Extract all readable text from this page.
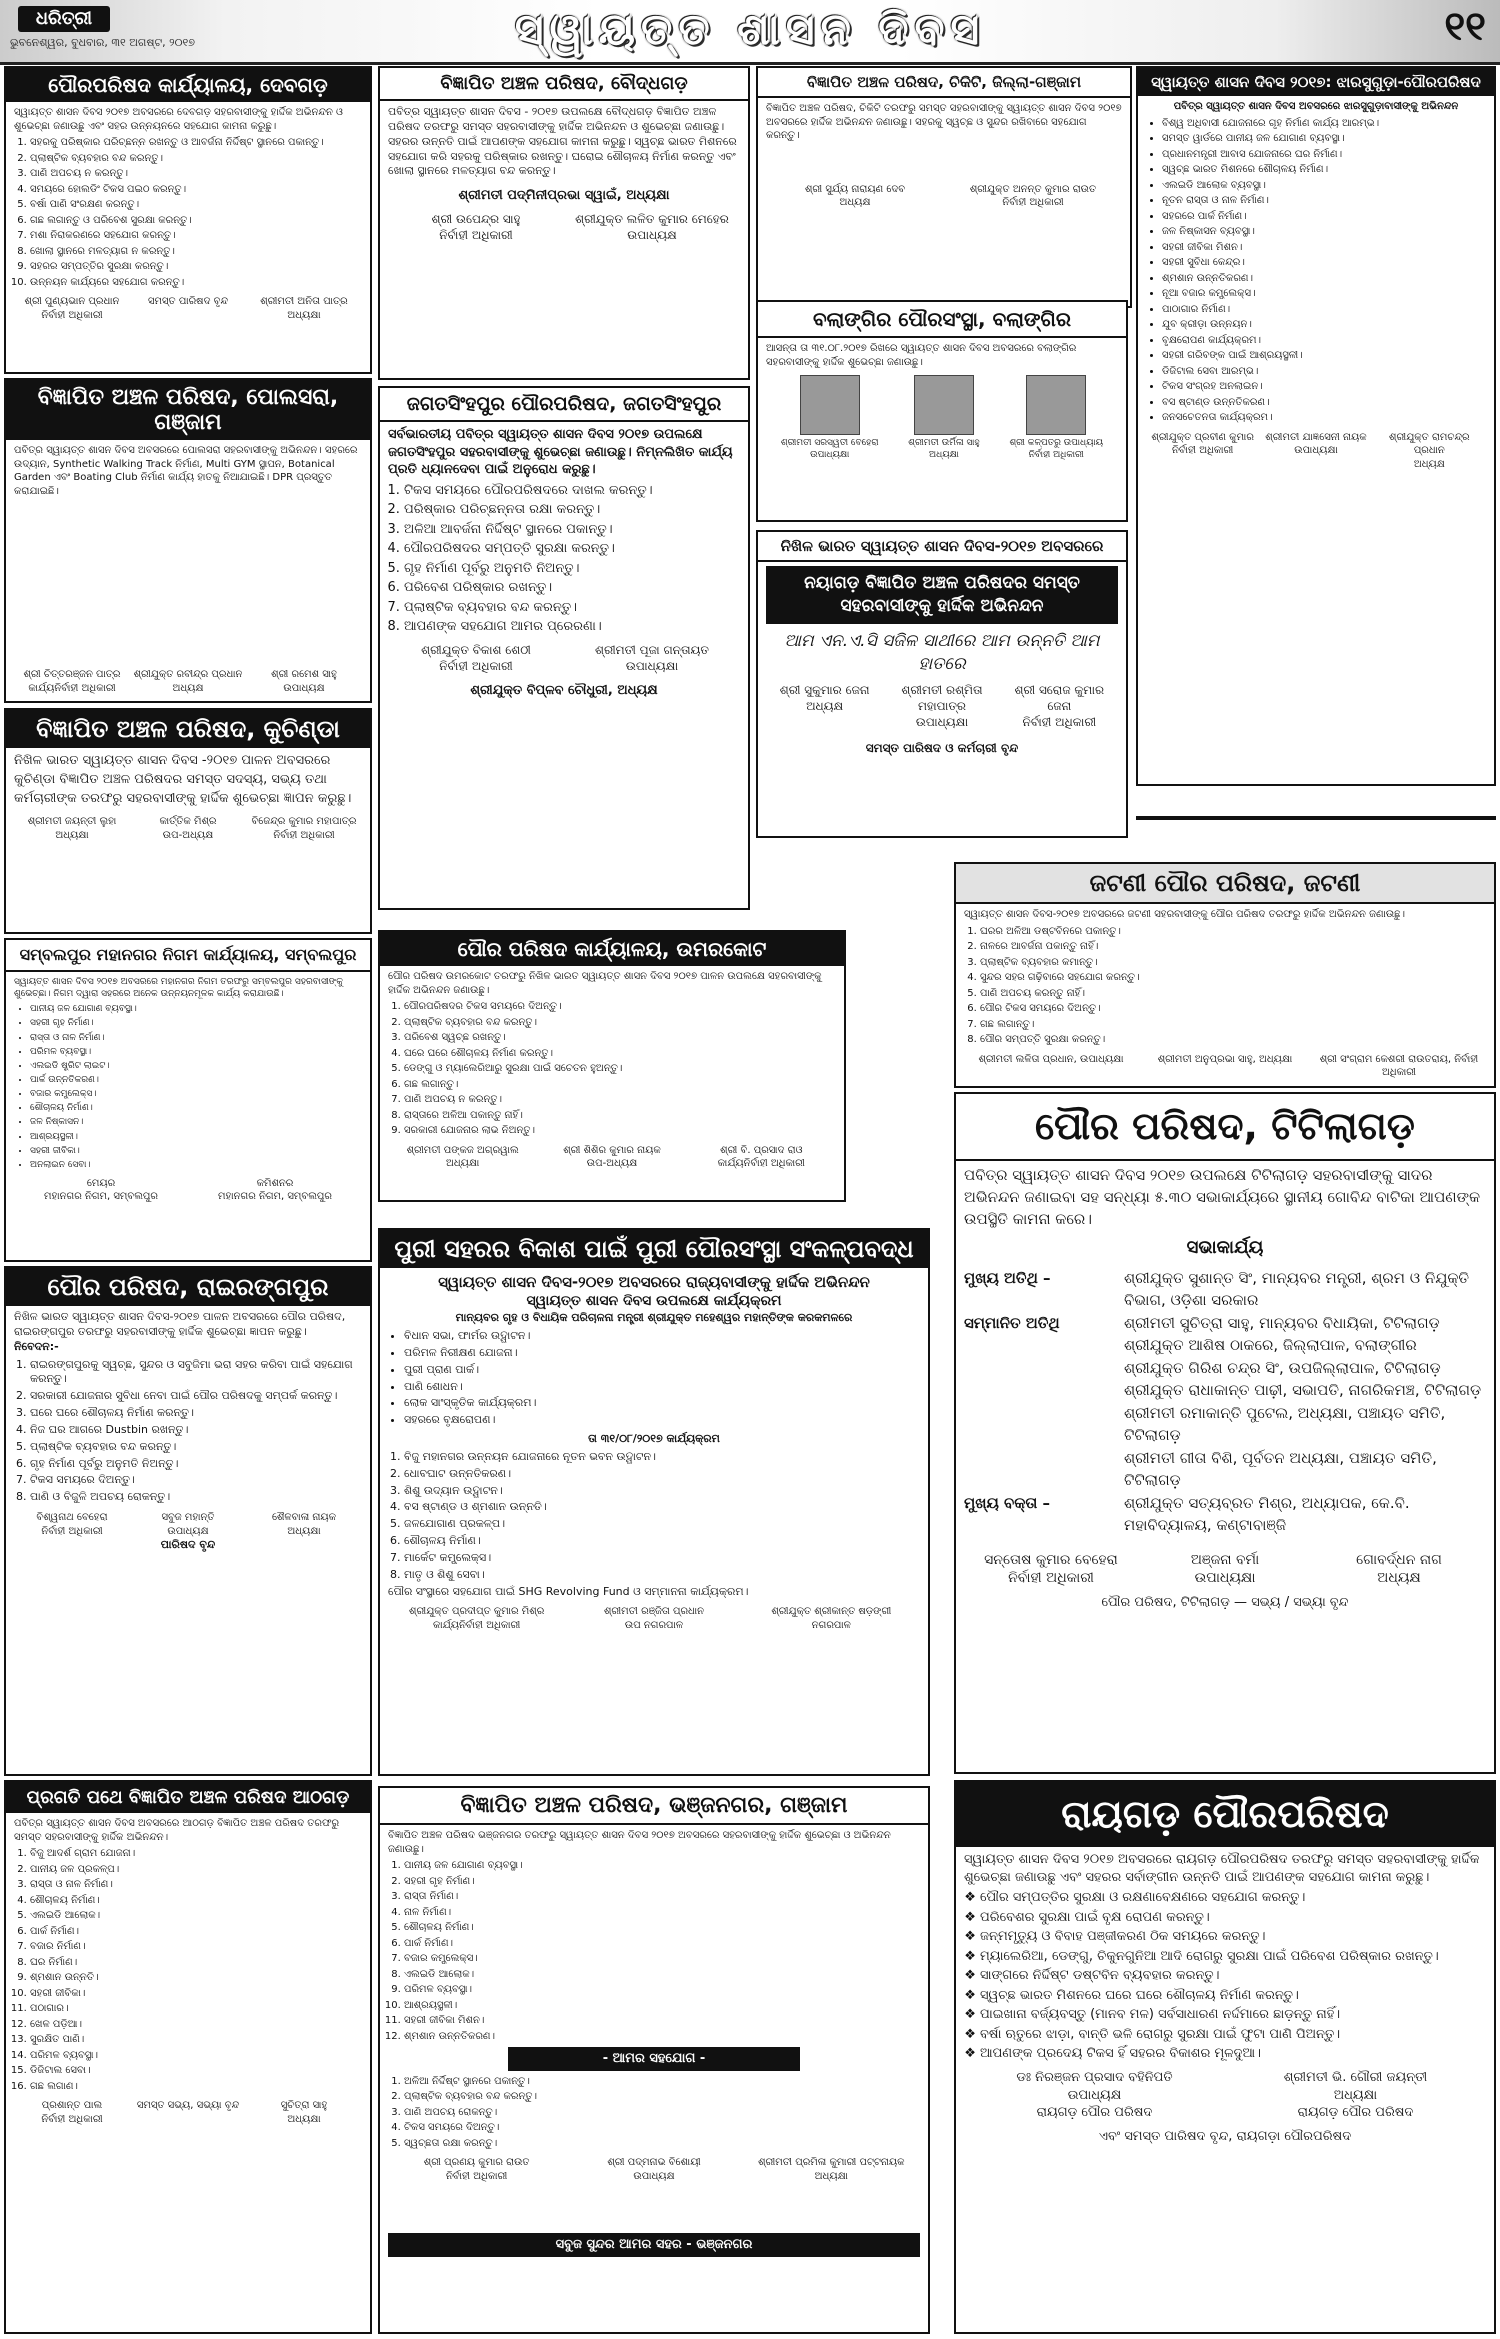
ଧରିତ୍ରୀ
ଭୁବନେଶ୍ୱର, ବୁଧବାର, ୩୧ ଅଗଷ୍ଟ, ୨୦୧୭	ସ୍ୱାୟତ୍ତ ଶାସନ ଦିବସ	୧୧
ପୌରପରିଷଦ କାର୍ଯ୍ୟାଳୟ, ଦେବଗଡ଼
ସ୍ୱାୟତ୍ତ ଶାସନ ଦିବସ ୨୦୧୭ ଅବସରରେ ଦେବଗଡ଼ ସହରବାସୀଙ୍କୁ ହାର୍ଦ୍ଦିକ ଅଭିନନ୍ଦନ ଓ ଶୁଭେଚ୍ଛା ଜଣାଉଛୁ ଏବଂ ସହର ଉନ୍ନୟନରେ ସହଯୋଗ କାମନା କରୁଛୁ।
1. ସହରକୁ ପରିଷ୍କାର ପରିଚ୍ଛନ୍ନ ରଖନ୍ତୁ ଓ ଆବର୍ଜନା ନିର୍ଦ୍ଦିଷ୍ଟ ସ୍ଥାନରେ ପକାନ୍ତୁ।
2. ପ୍ଲାଷ୍ଟିକ ବ୍ୟବହାର ବନ୍ଦ କରନ୍ତୁ।
3. ପାଣି ଅପଚୟ ନ କରନ୍ତୁ।
4. ସମୟରେ ହୋଲଡିଂ ଟିକସ ପଇଠ କରନ୍ତୁ।
5. ବର୍ଷା ପାଣି ସଂରକ୍ଷଣ କରନ୍ତୁ।
6. ଗଛ ଲଗାନ୍ତୁ ଓ ପରିବେଶ ସୁରକ୍ଷା କରନ୍ତୁ।
7. ମଶା ନିରାକରଣରେ ସହଯୋଗ କରନ୍ତୁ।
8. ଖୋଲା ସ୍ଥାନରେ ମଳତ୍ୟାଗ ନ କରନ୍ତୁ।
9. ସହରର ସମ୍ପତ୍ତିର ସୁରକ୍ଷା କରନ୍ତୁ।
10. ଉନ୍ନୟନ କାର୍ଯ୍ୟରେ ସହଯୋଗ କରନ୍ତୁ।
ଶ୍ରୀ ପୁଣ୍ୟଭାନ ପ୍ରଧାନ
ନିର୍ବାହୀ ଅଧିକାରୀ
ସମସ୍ତ ପାରିଷଦ ବୃନ୍ଦ	ଶ୍ରୀମତୀ ଅନିତା ପାତ୍ର
ଅଧ୍ୟକ୍ଷା
ବିଜ୍ଞାପିତ ଅଞ୍ଚଳ ପରିଷଦ, ପୋଲସରା, ଗଞ୍ଜାମ
ପବିତ୍ର ସ୍ୱାୟତ୍ତ ଶାସନ ଦିବସ ଅବସରରେ ପୋଲସରା ସହରବାସୀଙ୍କୁ ଅଭିନନ୍ଦନ। ସହରରେ ଉଦ୍ୟାନ, Synthetic Walking Track ନିର୍ମାଣ, Multi GYM ସ୍ଥାପନ, Botanical Garden ଏବଂ Boating Club ନିର୍ମାଣ କାର୍ଯ୍ୟ ହାତକୁ ନିଆଯାଇଛି। DPR ପ୍ରସ୍ତୁତ କରାଯାଇଛି।
ଶ୍ରୀ ଚିତ୍ତରଞ୍ଜନ ପାତ୍ର
କାର୍ଯ୍ୟନିର୍ବାହୀ ଅଧିକାରୀ
ଶ୍ରୀଯୁକ୍ତ ରବୀନ୍ଦ୍ର ପ୍ରଧାନ
ଅଧ୍ୟକ୍ଷ
ଶ୍ରୀ ରମେଶ ସାହୁ
ଉପାଧ୍ୟକ୍ଷ
ବିଜ୍ଞାପିତ ଅଞ୍ଚଳ ପରିଷଦ, କୁଚିଣ୍ଡା
ନିଖିଳ ଭାରତ ସ୍ୱାୟତ୍ତ ଶାସନ ଦିବସ -୨୦୧୭ ପାଳନ ଅବସରରେ କୁଚିଣ୍ଡା ବିଜ୍ଞାପିତ ଅଞ୍ଚଳ ପରିଷଦର ସମସ୍ତ ସଦସ୍ୟ, ସଭ୍ୟ ତଥା କର୍ମଚାରୀଙ୍କ ତରଫରୁ ସହରବାସୀଙ୍କୁ ହାର୍ଦ୍ଦିକ ଶୁଭେଚ୍ଛା ଜ୍ଞାପନ କରୁଛୁ।
ଶ୍ରୀମତୀ ଜୟନ୍ତୀ ଲୁହା
ଅଧ୍ୟକ୍ଷା
କାର୍ତ୍ତିକ ମିଶ୍ର
ଉପ-ଅଧ୍ୟକ୍ଷ
ବିଜେନ୍ଦ୍ର କୁମାର ମହାପାତ୍ର
ନିର୍ବାହୀ ଅଧିକାରୀ
ସମ୍ବଲପୁର ମହାନଗର ନିଗମ କାର୍ଯ୍ୟାଳୟ, ସମ୍ବଲପୁର
ସ୍ୱାୟତ୍ତ ଶାସନ ଦିବସ ୨୦୧୭ ଅବସରରେ ମହାନଗର ନିଗମ ତରଫରୁ ସମ୍ବଲପୁର ସହରବାସୀଙ୍କୁ ଶୁଭେଚ୍ଛା। ନିଗମ ଦ୍ୱାରା ସହରରେ ଅନେକ ଉନ୍ନୟନମୂଳକ କାର୍ଯ୍ୟ କରାଯାଉଛି।
• ପାନୀୟ ଜଳ ଯୋଗାଣ ବ୍ୟବସ୍ଥା।
• ସହରୀ ଗୃହ ନିର୍ମାଣ।
• ରାସ୍ତା ଓ ନାଳ ନିର୍ମାଣ।
• ପରିମଳ ବ୍ୟବସ୍ଥା।
• ଏଲଇଡି ଷ୍ଟ୍ରିଟ ଲାଇଟ।
• ପାର୍କ ଉନ୍ନତିକରଣ।
• ବଜାର କମ୍ପ୍ଲେକ୍ସ।
• ଶୌଚାଳୟ ନିର୍ମାଣ।
• ଜଳ ନିଷ୍କାସନ।
• ଆଶ୍ରୟସ୍ଥଳୀ।
• ସହରୀ ଜୀବିକା।
• ଅନଲାଇନ ସେବା।
ମେୟର
ମହାନଗର ନିଗମ, ସମ୍ବଲପୁର
କମିଶନର
ମହାନଗର ନିଗମ, ସମ୍ବଲପୁର
ପୌର ପରିଷଦ, ରାଇରଙ୍ଗପୁର
ନିଖିଳ ଭାରତ ସ୍ୱାୟତ୍ତ ଶାସନ ଦିବସ-୨୦୧୭ ପାଳନ ଅବସରରେ ପୌର ପରିଷଦ, ରାଇରଙ୍ଗପୁର ତରଫରୁ ସହରବାସୀଙ୍କୁ ହାର୍ଦ୍ଦିକ ଶୁଭେଚ୍ଛା ଜ୍ଞାପନ କରୁଛୁ।
ନିବେଦନ:-
1. ରାଇରଙ୍ଗପୁରକୁ ସ୍ୱଚ୍ଛ, ସୁନ୍ଦର ଓ ସବୁଜିମା ଭରା ସହର କରିବା ପାଇଁ ସହଯୋଗ କରନ୍ତୁ।
2. ସରକାରୀ ଯୋଜନାର ସୁବିଧା ନେବା ପାଇଁ ପୌର ପରିଷଦକୁ ସମ୍ପର୍କ କରନ୍ତୁ।
3. ଘରେ ଘରେ ଶୌଚାଳୟ ନିର୍ମାଣ କରନ୍ତୁ।
4. ନିଜ ଘର ଆଗରେ Dustbin ରଖନ୍ତୁ।
5. ପ୍ଲାଷ୍ଟିକ ବ୍ୟବହାର ବନ୍ଦ କରନ୍ତୁ।
6. ଗୃହ ନିର୍ମାଣ ପୂର୍ବରୁ ଅନୁମତି ନିଅନ୍ତୁ।
7. ଟିକସ ସମୟରେ ଦିଅନ୍ତୁ।
8. ପାଣି ଓ ବିଜୁଳି ଅପଚୟ ରୋକନ୍ତୁ।
ବିଶ୍ୱନାଥ ବେହେରା
ନିର୍ବାହୀ ଅଧିକାରୀ
ସବୁଜ ମହାନ୍ତି
ଉପାଧ୍ୟକ୍ଷ
ଶୈଳବାଳା ନାୟକ
ଅଧ୍ୟକ୍ଷା
ପାରିଷଦ ବୃନ୍ଦ
ପ୍ରଗତି ପଥେ ବିଜ୍ଞାପିତ ଅଞ୍ଚଳ ପରିଷଦ ଆଠଗଡ଼
ପବିତ୍ର ସ୍ୱାୟତ୍ତ ଶାସନ ଦିବସ ଅବସରରେ ଆଠଗଡ଼ ବିଜ୍ଞାପିତ ଅଞ୍ଚଳ ପରିଷଦ ତରଫରୁ ସମସ୍ତ ସହରବାସୀଙ୍କୁ ହାର୍ଦ୍ଦିକ ଅଭିନନ୍ଦନ।
1. ବିଜୁ ଆଦର୍ଶ ଗ୍ରାମ ଯୋଜନା।
2. ପାନୀୟ ଜଳ ପ୍ରକଳ୍ପ।
3. ରାସ୍ତା ଓ ନାଳ ନିର୍ମାଣ।
4. ଶୌଚାଳୟ ନିର୍ମାଣ।
5. ଏଲଇଡି ଆଲୋକ।
6. ପାର୍କ ନିର୍ମାଣ।
7. ବଜାର ନିର୍ମାଣ।
8. ଘର ନିର୍ମାଣ।
9. ଶ୍ମଶାନ ଉନ୍ନତି।
10. ସହରୀ ଜୀବିକା।
11. ପଠାଗାର।
12. ଖେଳ ପଡ଼ିଆ।
13. ସୁରକ୍ଷିତ ପାଣି।
14. ପରିମଳ ବ୍ୟବସ୍ଥା।
15. ଡିଜିଟାଲ ସେବା।
16. ଗଛ ଲଗାଣ।
ପ୍ରଶାନ୍ତ ପାଲ
ନିର୍ବାହୀ ଅଧିକାରୀ
ସମସ୍ତ ସଭ୍ୟ, ସଭ୍ୟା ବୃନ୍ଦ	ସୁଚିତ୍ରା ସାହୁ
ଅଧ୍ୟକ୍ଷା
ବିଜ୍ଞାପିତ ଅଞ୍ଚଳ ପରିଷଦ, ବୌଦ୍ଧଗଡ଼
ପବିତ୍ର ସ୍ୱାୟତ୍ତ ଶାସନ ଦିବସ - ୨୦୧୭ ଉପଲକ୍ଷେ ବୌଦ୍ଧଗଡ଼ ବିଜ୍ଞାପିତ ଅଞ୍ଚଳ ପରିଷଦ ତରଫରୁ ସମସ୍ତ ସହରବାସୀଙ୍କୁ ହାର୍ଦ୍ଦିକ ଅଭିନନ୍ଦନ ଓ ଶୁଭେଚ୍ଛା ଜଣାଉଛୁ। ସହରର ଉନ୍ନତି ପାଇଁ ଆପଣଙ୍କ ସହଯୋଗ କାମନା କରୁଛୁ। ସ୍ୱଚ୍ଛ ଭାରତ ମିଶନରେ ସହଯୋଗ କରି ସହରକୁ ପରିଷ୍କାର ରଖନ୍ତୁ। ଘରୋଇ ଶୌଚାଳୟ ନିର୍ମାଣ କରନ୍ତୁ ଏବଂ ଖୋଲା ସ୍ଥାନରେ ମଳତ୍ୟାଗ ବନ୍ଦ କରନ୍ତୁ।
ଶ୍ରୀମତୀ ପଦ୍ମିନୀପ୍ରଭା ସ୍ୱାଇଁ, ଅଧ୍ୟକ୍ଷା
ଶ୍ରୀ ଉପେନ୍ଦ୍ର ସାହୁ
ନିର୍ବାହୀ ଅଧିକାରୀ
ଶ୍ରୀଯୁକ୍ତ ଲଳିତ କୁମାର ମେହେର
ଉପାଧ୍ୟକ୍ଷ
ଜଗତସିଂହପୁର ପୌରପରିଷଦ, ଜଗତସିଂହପୁର
ସର୍ବଭାରତୀୟ ପବିତ୍ର ସ୍ୱାୟତ୍ତ ଶାସନ ଦିବସ ୨୦୧୭ ଉପଲକ୍ଷେ ଜଗତସିଂହପୁର ସହରବାସୀଙ୍କୁ ଶୁଭେଚ୍ଛା ଜଣାଉଛୁ। ନିମ୍ନଲିଖିତ କାର୍ଯ୍ୟ ପ୍ରତି ଧ୍ୟାନଦେବା ପାଇଁ ଅନୁରୋଧ କରୁଛୁ।
1. ଟିକସ ସମୟରେ ପୌରପରିଷଦରେ ଦାଖଲ କରନ୍ତୁ।
2. ପରିଷ୍କାର ପରିଚ୍ଛନ୍ନତା ରକ୍ଷା କରନ୍ତୁ।
3. ଅଳିଆ ଆବର୍ଜନା ନିର୍ଦ୍ଦିଷ୍ଟ ସ୍ଥାନରେ ପକାନ୍ତୁ।
4. ପୌରପରିଷଦର ସମ୍ପତ୍ତି ସୁରକ୍ଷା କରନ୍ତୁ।
5. ଗୃହ ନିର୍ମାଣ ପୂର୍ବରୁ ଅନୁମତି ନିଅନ୍ତୁ।
6. ପରିବେଶ ପରିଷ୍କାର ରଖନ୍ତୁ।
7. ପ୍ଲାଷ୍ଟିକ ବ୍ୟବହାର ବନ୍ଦ କରନ୍ତୁ।
8. ଆପଣଙ୍କ ସହଯୋଗ ଆମର ପ୍ରେରଣା।
ଶ୍ରୀଯୁକ୍ତ ବିକାଶ ଶେଠୀ
ନିର୍ବାହୀ ଅଧିକାରୀ
ଶ୍ରୀମତୀ ପୂଜା ଗନ୍ତାୟତ
ଉପାଧ୍ୟକ୍ଷା
ଶ୍ରୀଯୁକ୍ତ ବିପ୍ଳବ ଚୌଧୁରୀ, ଅଧ୍ୟକ୍ଷ
ପୌର ପରିଷଦ କାର୍ଯ୍ୟାଳୟ, ଉମରକୋଟ
ପୌର ପରିଷଦ ଉମରକୋଟ ତରଫରୁ ନିଖିଳ ଭାରତ ସ୍ୱାୟତ୍ତ ଶାସନ ଦିବସ ୨୦୧୭ ପାଳନ ଉପଲକ୍ଷେ ସହରବାସୀଙ୍କୁ ହାର୍ଦ୍ଦିକ ଅଭିନନ୍ଦନ ଜଣାଉଛୁ।
1. ପୌରପରିଷଦର ଟିକସ ସମୟରେ ଦିଅନ୍ତୁ।
2. ପ୍ଲାଷ୍ଟିକ ବ୍ୟବହାର ବନ୍ଦ କରନ୍ତୁ।
3. ପରିବେଶ ସ୍ୱଚ୍ଛ ରଖନ୍ତୁ।
4. ଘରେ ଘରେ ଶୌଚାଳୟ ନିର୍ମାଣ କରନ୍ତୁ।
5. ଡେଙ୍ଗୁ ଓ ମ୍ୟାଲେରିଆରୁ ସୁରକ୍ଷା ପାଇଁ ସଚେତନ ହୁଅନ୍ତୁ।
6. ଗଛ ଲଗାନ୍ତୁ।
7. ପାଣି ଅପଚୟ ନ କରନ୍ତୁ।
8. ରାସ୍ତାରେ ଅଳିଆ ପକାନ୍ତୁ ନାହିଁ।
9. ସରକାରୀ ଯୋଜନାର ଲାଭ ନିଅନ୍ତୁ।
ଶ୍ରୀମତୀ ପଙ୍କଜ ଅଗ୍ରୱାଲ
ଅଧ୍ୟକ୍ଷା
ଶ୍ରୀ ଶିଶିର କୁମାର ନାୟକ
ଉପ-ଅଧ୍ୟକ୍ଷ
ଶ୍ରୀ ବି. ପ୍ରସାଦ ରାଓ
କାର୍ଯ୍ୟନିର୍ବାହୀ ଅଧିକାରୀ
ପୁରୀ ସହରର ବିକାଶ ପାଇଁ ପୁରୀ ପୌରସଂସ୍ଥା ସଂକଳ୍ପବଦ୍ଧ
ସ୍ୱାୟତ୍ତ ଶାସନ ଦିବସ-୨୦୧୭ ଅବସରରେ ରାଜ୍ୟବାସୀଙ୍କୁ ହାର୍ଦ୍ଦିକ ଅଭିନନ୍ଦନ
ସ୍ୱାୟତ୍ତ ଶାସନ ଦିବସ ଉପଲକ୍ଷେ କାର୍ଯ୍ୟକ୍ରମ
ମାନ୍ୟବର ଗୃହ ଓ ବିଧାୟିକ ପରିଚାଳନା ମନ୍ତ୍ରୀ ଶ୍ରୀଯୁକ୍ତ ମହେଶ୍ୱର ମହାନ୍ତିଙ୍କ କରକମଳରେ
• ବିଧାନ ସଭା, ଫାର୍ମର ଉଦ୍ଘାଟନ।
• ପରିମଳ ନିରୀକ୍ଷଣ ଯୋଜନା।
• ପୁରୀ ପ୍ରାଣ ପାର୍କ।
• ପାଣି ଶୋଧନ।
• ଲୋକ ସାଂସ୍କୃତିକ କାର୍ଯ୍ୟକ୍ରମ।
• ସହରରେ ବୃକ୍ଷରୋପଣ।
ତା ୩୧/୦୮/୨୦୧୭ କାର୍ଯ୍ୟକ୍ରମ
1. ବିଜୁ ମହାନଗର ଉନ୍ନୟନ ଯୋଜନାରେ ନୂତନ ଭବନ ଉଦ୍ଘାଟନ।
2. ଧୋବଘାଟ ଉନ୍ନତିକରଣ।
3. ଶିଶୁ ଉଦ୍ୟାନ ଉଦ୍ଘାଟନ।
4. ବସ ଷ୍ଟାଣ୍ଡ ଓ ଶ୍ମଶାନ ଉନ୍ନତି।
5. ଜଳଯୋଗାଣ ପ୍ରକଳ୍ପ।
6. ଶୌଚାଳୟ ନିର୍ମାଣ।
7. ମାର୍କେଟ କମ୍ପ୍ଲେକ୍ସ।
8. ମାତୃ ଓ ଶିଶୁ ସେବା।
ପୌର ସଂସ୍ଥାରେ ସହଯୋଗ ପାଇଁ SHG Revolving Fund ଓ ସମ୍ମାନନା କାର୍ଯ୍ୟକ୍ରମ।
ଶ୍ରୀଯୁକ୍ତ ପ୍ରଦୀପ୍ତ କୁମାର ମିଶ୍ର
କାର୍ଯ୍ୟନିର୍ବାହୀ ଅଧିକାରୀ
ଶ୍ରୀମତୀ ରଞ୍ଜିତା ପ୍ରଧାନ
ଉପ ନଗରପାଳ
ଶ୍ରୀଯୁକ୍ତ ଶ୍ରୀକାନ୍ତ ଷଡ଼ଙ୍ଗୀ
ନଗରପାଳ
ବିଜ୍ଞାପିତ ଅଞ୍ଚଳ ପରିଷଦ, ଭଞ୍ଜନଗର, ଗଞ୍ଜାମ
ବିଜ୍ଞାପିତ ଅଞ୍ଚଳ ପରିଷଦ ଭଞ୍ଜନଗର ତରଫରୁ ସ୍ୱାୟତ୍ତ ଶାସନ ଦିବସ ୨୦୧୭ ଅବସରରେ ସହରବାସୀଙ୍କୁ ହାର୍ଦ୍ଦିକ ଶୁଭେଚ୍ଛା ଓ ଅଭିନନ୍ଦନ ଜଣାଉଛୁ।
1. ପାନୀୟ ଜଳ ଯୋଗାଣ ବ୍ୟବସ୍ଥା।
2. ସହରୀ ଗୃହ ନିର୍ମାଣ।
3. ରାସ୍ତା ନିର୍ମାଣ।
4. ନାଳ ନିର୍ମାଣ।
5. ଶୌଚାଳୟ ନିର୍ମାଣ।
6. ପାର୍କ ନିର୍ମାଣ।
7. ବଜାର କମ୍ପ୍ଲେକ୍ସ।
8. ଏଲଇଡି ଆଲୋକ।
9. ପରିମଳ ବ୍ୟବସ୍ଥା।
10. ଆଶ୍ରୟସ୍ଥଳୀ।
11. ସହରୀ ଜୀବିକା ମିଶନ।
12. ଶ୍ମଶାନ ଉନ୍ନତିକରଣ।
- ଆମର ସହଯୋଗ -
1. ଅଳିଆ ନିର୍ଦ୍ଦିଷ୍ଟ ସ୍ଥାନରେ ପକାନ୍ତୁ।
2. ପ୍ଲାଷ୍ଟିକ ବ୍ୟବହାର ବନ୍ଦ କରନ୍ତୁ।
3. ପାଣି ଅପଚୟ ରୋକନ୍ତୁ।
4. ଟିକସ ସମୟରେ ଦିଅନ୍ତୁ।
5. ସ୍ୱଚ୍ଛତା ରକ୍ଷା କରନ୍ତୁ।
ଶ୍ରୀ ପ୍ରଣୟ କୁମାର ରାଉତ
ନିର୍ବାହୀ ଅଧିକାରୀ
ଶ୍ରୀ ପଦ୍ମନାଭ ବିଶୋୟୀ
ଉପାଧ୍ୟକ୍ଷ
ଶ୍ରୀମତୀ ପ୍ରମିଳା କୁମାରୀ ପଟ୍ଟନାୟକ
ଅଧ୍ୟକ୍ଷା
ସବୁଜ ସୁନ୍ଦର ଆମର ସହର - ଭଞ୍ଜନଗର
ବିଜ୍ଞାପିତ ଅଞ୍ଚଳ ପରିଷଦ, ଚିକିଟି, ଜିଲ୍ଲା-ଗଞ୍ଜାମ
ବିଜ୍ଞାପିତ ଅଞ୍ଚଳ ପରିଷଦ, ଚିକିଟି ତରଫରୁ ସମସ୍ତ ସହରବାସୀଙ୍କୁ ସ୍ୱାୟତ୍ତ ଶାସନ ଦିବସ ୨୦୧୭ ଅବସରରେ ହାର୍ଦ୍ଦିକ ଅଭିନନ୍ଦନ ଜଣାଉଛୁ। ସହରକୁ ସ୍ୱଚ୍ଛ ଓ ସୁନ୍ଦର ରଖିବାରେ ସହଯୋଗ କରନ୍ତୁ।
ଶ୍ରୀ ସୁର୍ଯ୍ୟ ନାରାୟଣ ଦେବ
ଅଧ୍ୟକ୍ଷ
ଶ୍ରୀଯୁକ୍ତ ଅନନ୍ତ କୁମାର ରାଉତ
ନିର୍ବାହୀ ଅଧିକାରୀ
ବଲାଙ୍ଗିର ପୌରସଂସ୍ଥା, ବଲାଙ୍ଗିର
ଆସନ୍ତା ତା ୩୧.୦୮.୨୦୧୭ ରିଖରେ ସ୍ୱାୟତ୍ତ ଶାସନ ଦିବସ ଅବସରରେ ବଲାଙ୍ଗିର ସହରବାସୀଙ୍କୁ ହାର୍ଦ୍ଦିକ ଶୁଭେଚ୍ଛା ଜଣାଉଛୁ।
ଶ୍ରୀମତୀ ସରସ୍ୱତୀ ବେହେରା
ଉପାଧ୍ୟକ୍ଷା
ଶ୍ରୀମତୀ ଉର୍ମିଳା ସାହୁ
ଅଧ୍ୟକ୍ଷା
ଶ୍ରୀ କଳ୍ପତରୁ ଉପାଧ୍ୟାୟ
ନିର୍ବାହୀ ଅଧିକାରୀ
ନିଖିଳ ଭାରତ ସ୍ୱାୟତ୍ତ ଶାସନ ଦିବସ-୨୦୧୭ ଅବସରରେ
ନୟାଗଡ଼ ବିଜ୍ଞାପିତ ଅଞ୍ଚଳ ପରିଷଦର ସମସ୍ତ ସହରବାସୀଙ୍କୁ ହାର୍ଦ୍ଦିକ ଅଭିନନ୍ଦନ
ଆମ ଏନ.ଏ.ସି ସଜିଳ ସାଥୀରେ ଆମ ଉନ୍ନତି ଆମ ହାତରେ
ଶ୍ରୀ ସୁକୁମାର ଜେନା
ଅଧ୍ୟକ୍ଷ
ଶ୍ରୀମତୀ ରଶ୍ମିତା ମହାପାତ୍ର
ଉପାଧ୍ୟକ୍ଷା
ଶ୍ରୀ ସରୋଜ କୁମାର ଜେନା
ନିର୍ବାହୀ ଅଧିକାରୀ
ସମସ୍ତ ପାରିଷଦ ଓ କର୍ମଚାରୀ ବୃନ୍ଦ
ସ୍ୱାୟତ୍ତ ଶାସନ ଦିବସ ୨୦୧୭: ଝାରସୁଗୁଡ଼ା-ପୌରପରିଷଦ
ପବିତ୍ର ସ୍ୱାୟତ୍ତ ଶାସନ ଦିବସ ଅବସରରେ ଝାରସୁଗୁଡ଼ାବାସୀଙ୍କୁ ଅଭିନନ୍ଦନ
• ବିଶ୍ୱ ଅଧିବାସୀ ଯୋଜନାରେ ଗୃହ ନିର୍ମାଣ କାର୍ଯ୍ୟ ଆରମ୍ଭ।
• ସମସ୍ତ ୱାର୍ଡରେ ପାନୀୟ ଜଳ ଯୋଗାଣ ବ୍ୟବସ୍ଥା।
• ପ୍ରଧାନମନ୍ତ୍ରୀ ଆବାସ ଯୋଜନାରେ ଘର ନିର୍ମାଣ।
• ସ୍ୱଚ୍ଛ ଭାରତ ମିଶନରେ ଶୌଚାଳୟ ନିର୍ମାଣ।
• ଏଲଇଡି ଆଲୋକ ବ୍ୟବସ୍ଥା।
• ନୂତନ ରାସ୍ତା ଓ ନାଳ ନିର୍ମାଣ।
• ସହରରେ ପାର୍କ ନିର୍ମାଣ।
• ଜଳ ନିଷ୍କାସନ ବ୍ୟବସ୍ଥା।
• ସହରୀ ଜୀବିକା ମିଶନ।
• ସହରୀ ସୁବିଧା କେନ୍ଦ୍ର।
• ଶ୍ମଶାନ ଉନ୍ନତିକରଣ।
• ନୂଆ ବଜାର କମ୍ପ୍ଲେକ୍ସ।
• ପାଠାଗାର ନିର୍ମାଣ।
• ଯୁବ କ୍ରୀଡ଼ା ଉନ୍ନୟନ।
• ବୃକ୍ଷରୋପଣ କାର୍ଯ୍ୟକ୍ରମ।
• ସହରୀ ଗରିବଙ୍କ ପାଇଁ ଆଶ୍ରୟସ୍ଥଳୀ।
• ଡିଜିଟାଲ ସେବା ଆରମ୍ଭ।
• ଟିକସ ସଂଗ୍ରହ ଅନଲାଇନ।
• ବସ ଷ୍ଟାଣ୍ଡ ଉନ୍ନତିକରଣ।
• ଜନସଚେତନତା କାର୍ଯ୍ୟକ୍ରମ।
ଶ୍ରୀଯୁକ୍ତ ପ୍ରବୀଣ କୁମାର
ନିର୍ବାହୀ ଅଧିକାରୀ
ଶ୍ରୀମତୀ ଯାଜ୍ଞସେନୀ ନାୟକ
ଉପାଧ୍ୟକ୍ଷା
ଶ୍ରୀଯୁକ୍ତ ରାମଚନ୍ଦ୍ର ପ୍ରଧାନ
ଅଧ୍ୟକ୍ଷ
ଜଟଣୀ ପୌର ପରିଷଦ, ଜଟଣୀ
ସ୍ୱାୟତ୍ତ ଶାସନ ଦିବସ-୨୦୧୭ ଅବସରରେ ଜଟଣୀ ସହରବାସୀଙ୍କୁ ପୌର ପରିଷଦ ତରଫରୁ ହାର୍ଦ୍ଦିକ ଅଭିନନ୍ଦନ ଜଣାଉଛୁ।
1. ଘରର ଅଳିଆ ଡଷ୍ଟବିନରେ ପକାନ୍ତୁ।
2. ନାଳରେ ଆବର୍ଜନା ପକାନ୍ତୁ ନାହିଁ।
3. ପ୍ଲାଷ୍ଟିକ ବ୍ୟବହାର କମାନ୍ତୁ।
4. ସୁନ୍ଦର ସହର ଗଢ଼ିବାରେ ସହଯୋଗ କରନ୍ତୁ।
5. ପାଣି ଅପଚୟ କରନ୍ତୁ ନାହିଁ।
6. ପୌର ଟିକସ ସମୟରେ ଦିଅନ୍ତୁ।
7. ଗଛ ଲଗାନ୍ତୁ।
8. ପୌର ସମ୍ପତ୍ତି ସୁରକ୍ଷା କରନ୍ତୁ।
ଶ୍ରୀମତୀ ଲଳିତା ପ୍ରଧାନ, ଉପାଧ୍ୟକ୍ଷା	ଶ୍ରୀମତୀ ଅନୁପ୍ରଭା ସାହୁ, ଅଧ୍ୟକ୍ଷା	ଶ୍ରୀ ସଂଗ୍ରାମ କେଶରୀ ରାଉତରାୟ, ନିର୍ବାହୀ ଅଧିକାରୀ
ପୌର ପରିଷଦ, ଟିଟିଲାଗଡ଼
ପବିତ୍ର ସ୍ୱାୟତ୍ତ ଶାସନ ଦିବସ ୨୦୧୭ ଉପଲକ୍ଷେ ଟିଟିଲାଗଡ଼ ସହରବାସୀଙ୍କୁ ସାଦର ଅଭିନନ୍ଦନ ଜଣାଇବା ସହ ସନ୍ଧ୍ୟା ୫.୩୦ ସଭାକାର୍ଯ୍ୟରେ ସ୍ଥାନୀୟ ଗୋବିନ୍ଦ ବାଟିକା ଆପଣଙ୍କ ଉପସ୍ଥିତି କାମନା କରେ।
ସଭାକାର୍ଯ୍ୟ
ମୁଖ୍ୟ ଅତିଥି –	ଶ୍ରୀଯୁକ୍ତ ସୁଶାନ୍ତ ସିଂ, ମାନ୍ୟବର ମନ୍ତ୍ରୀ, ଶ୍ରମ ଓ ନିଯୁକ୍ତି ବିଭାଗ, ଓଡ଼ିଶା ସରକାର
ସମ୍ମାନିତ ଅତିଥି	ଶ୍ରୀମତୀ ସୁଚିତ୍ରା ସାହୁ, ମାନ୍ୟବର ବିଧାୟିକା, ଟିଟିଲାଗଡ଼
ଶ୍ରୀଯୁକ୍ତ ଆଶିଷ ଠାକରେ, ଜିଲ୍ଲାପାଳ, ବଲାଙ୍ଗୀର
ଶ୍ରୀଯୁକ୍ତ ଗିରିଶ ଚନ୍ଦ୍ର ସିଂ, ଉପଜିଲ୍ଲାପାଳ, ଟିଟିଲାଗଡ଼
ଶ୍ରୀଯୁକ୍ତ ରାଧାକାନ୍ତ ପାଢ଼ୀ, ସଭାପତି, ନାଗରିକମଞ୍ଚ, ଟିଟିଲାଗଡ଼
ଶ୍ରୀମତୀ ରମାକାନ୍ତି ପୁଟେଲ, ଅଧ୍ୟକ୍ଷା, ପଞ୍ଚାୟତ ସମିତି, ଟିଟିଲାଗଡ଼
ଶ୍ରୀମତୀ ଗୀତା ବିଶି, ପୂର୍ବତନ ଅଧ୍ୟକ୍ଷା, ପଞ୍ଚାୟତ ସମିତି, ଟିଟିଲାଗଡ଼
ମୁଖ୍ୟ ବକ୍ତା –	ଶ୍ରୀଯୁକ୍ତ ସତ୍ୟବ୍ରତ ମିଶ୍ର, ଅଧ୍ୟାପକ, କେ.ବି. ମହାବିଦ୍ୟାଳୟ, କଣ୍ଟାବାଞ୍ଜି
ସନ୍ତୋଷ କୁମାର ବେହେରା
ନିର୍ବାହୀ ଅଧିକାରୀ
ଅଞ୍ଜନା ବର୍ମା
ଉପାଧ୍ୟକ୍ଷା
ଗୋବର୍ଦ୍ଧନ ନାଗ
ଅଧ୍ୟକ୍ଷ
ପୌର ପରିଷଦ, ଟିଟିଲାଗଡ଼ — ସଭ୍ୟ / ସଭ୍ୟା ବୃନ୍ଦ
ରାୟଗଡ଼ ପୌରପରିଷଦ
ସ୍ୱାୟତ୍ତ ଶାସନ ଦିବସ ୨୦୧୭ ଅବସରରେ ରାୟଗଡ଼ ପୌରପରିଷଦ ତରଫରୁ ସମସ୍ତ ସହରବାସୀଙ୍କୁ ହାର୍ଦ୍ଦିକ ଶୁଭେଚ୍ଛା ଜଣାଉଛୁ ଏବଂ ସହରର ସର୍ବାଙ୍ଗୀନ ଉନ୍ନତି ପାଇଁ ଆପଣଙ୍କ ସହଯୋଗ କାମନା କରୁଛୁ।
• ପୌର ସମ୍ପତ୍ତିର ସୁରକ୍ଷା ଓ ରକ୍ଷଣାବେକ୍ଷଣରେ ସହଯୋଗ କରନ୍ତୁ।
• ପରିବେଶର ସୁରକ୍ଷା ପାଇଁ ବୃକ୍ଷ ରୋପଣ କରନ୍ତୁ।
• ଜନ୍ମମୃତ୍ୟୁ ଓ ବିବାହ ପଞ୍ଜୀକରଣ ଠିକ ସମୟରେ କରନ୍ତୁ।
• ମ୍ୟାଲେରିଆ, ଡେଙ୍ଗୁ, ଚିକୁନଗୁନିଆ ଆଦି ରୋଗରୁ ସୁରକ୍ଷା ପାଇଁ ପରିବେଶ ପରିଷ୍କାର ରଖନ୍ତୁ।
• ସାଙ୍ଗରେ ନିର୍ଦ୍ଦିଷ୍ଟ ଡଷ୍ଟବିନ ବ୍ୟବହାର କରନ୍ତୁ।
• ସ୍ୱଚ୍ଛ ଭାରତ ମିଶନରେ ଘରେ ଘରେ ଶୌଚାଳୟ ନିର୍ମାଣ କରନ୍ତୁ।
• ପାଇଖାନା ବର୍ଜ୍ୟବସ୍ତୁ (ମାନବ ମଳ) ସର୍ବସାଧାରଣ ନର୍ଦ୍ଦମାରେ ଛାଡ଼ନ୍ତୁ ନାହିଁ।
• ବର୍ଷା ଋତୁରେ ଝାଡ଼ା, ବାନ୍ତି ଭଳି ରୋଗରୁ ସୁରକ୍ଷା ପାଇଁ ଫୁଟା ପାଣି ପିଅନ୍ତୁ।
• ଆପଣଙ୍କ ପ୍ରଦେୟ ଟିକସ ହିଁ ସହରର ବିକାଶର ମୂଳଦୁଆ।
ଡଃ ନିରଞ୍ଜନ ପ୍ରସାଦ ବହିନିପତି
ଉପାଧ୍ୟକ୍ଷ
ରାୟଗଡ଼ ପୌର ପରିଷଦ
ଶ୍ରୀମତୀ ଭି. ଗୌରୀ ଜୟନ୍ତୀ
ଅଧ୍ୟକ୍ଷା
ରାୟଗଡ଼ ପୌର ପରିଷଦ
ଏବଂ ସମସ୍ତ ପାରିଷଦ ବୃନ୍ଦ, ରାୟଗଡ଼ା ପୌରପରିଷଦ
